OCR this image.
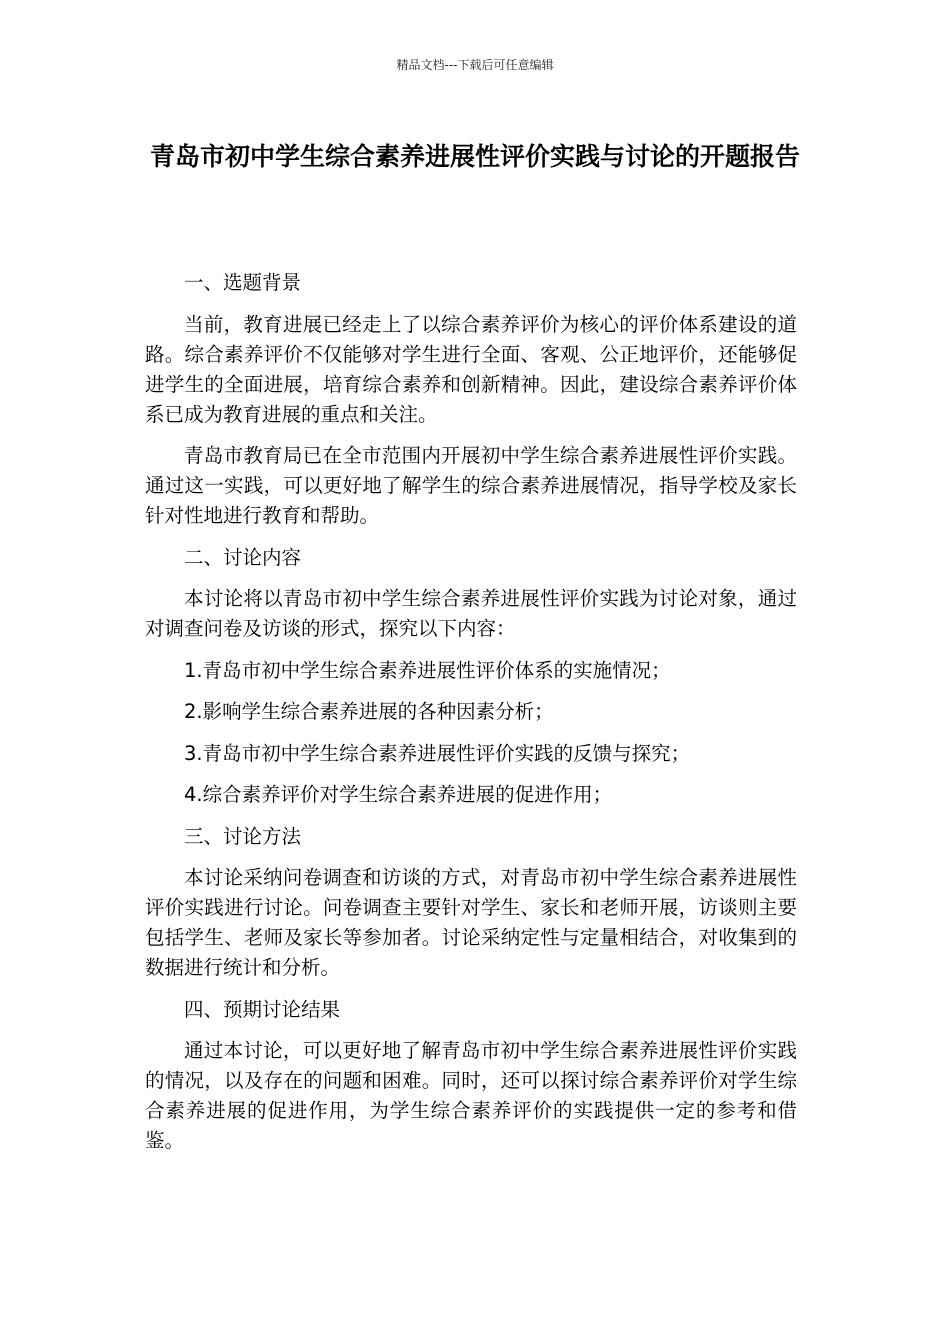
精品文档---下载后可任意编辑
青岛市初中学生综合素养进展性评价实践与讨论的开题报告

一、选题背景

当前，教育进展已经走上了以综合素养评价为核心的评价体系建设的道路。综合素养评价不仅能够对学生进行全面、客观、公正地评价，还能够促进学生的全面进展，培育综合素养和创新精神。因此，建设综合素养评价体系已成为教育进展的重点和关注。

青岛市教育局已在全市范围内开展初中学生综合素养进展性评价实践。通过这一实践，可以更好地了解学生的综合素养进展情况，指导学校及家长针对性地进行教育和帮助。

二、讨论内容

本讨论将以青岛市初中学生综合素养进展性评价实践为讨论对象，通过对调查问卷及访谈的形式，探究以下内容：

1.青岛市初中学生综合素养进展性评价体系的实施情况；

2.影响学生综合素养进展的各种因素分析；

3.青岛市初中学生综合素养进展性评价实践的反馈与探究；

4.综合素养评价对学生综合素养进展的促进作用；

三、讨论方法

本讨论采纳问卷调查和访谈的方式，对青岛市初中学生综合素养进展性评价实践进行讨论。问卷调查主要针对学生、家长和老师开展，访谈则主要包括学生、老师及家长等参加者。讨论采纳定性与定量相结合，对收集到的数据进行统计和分析。

四、预期讨论结果

通过本讨论，可以更好地了解青岛市初中学生综合素养进展性评价实践的情况，以及存在的问题和困难。同时，还可以探讨综合素养评价对学生综合素养进展的促进作用，为学生综合素养评价的实践提供一定的参考和借鉴。
